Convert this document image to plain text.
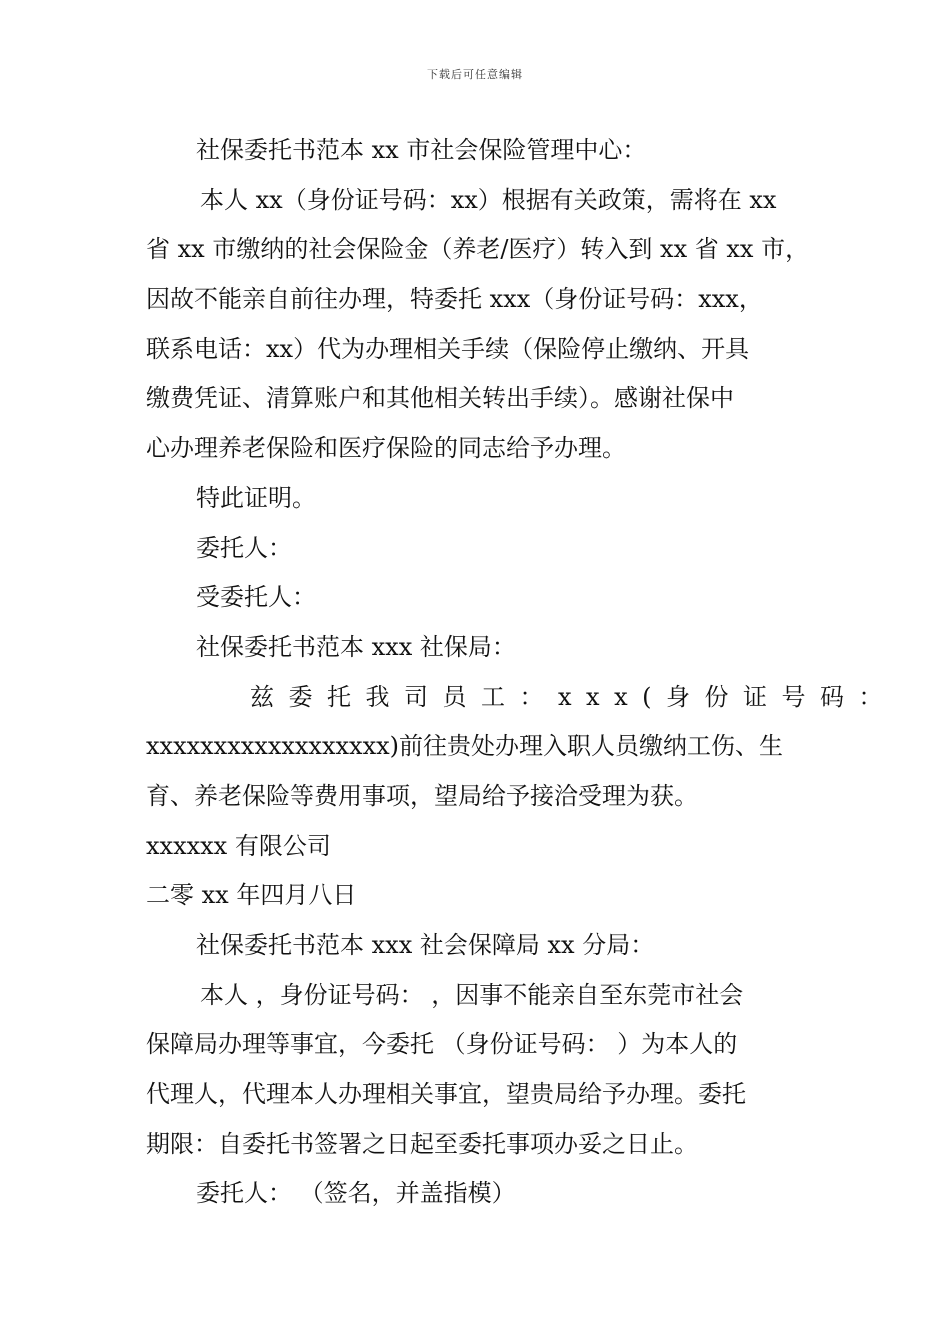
下载后可任意编辑
社保委托书范本 xx 市社会保险管理中心：
本人 xx（身份证号码：xx）根据有关政策，需将在 xx
省 xx 市缴纳的社会保险金（养老/医疗）转入到 xx 省 xx 市，
因故不能亲自前往办理，特委托 xxx（身份证号码：xxx，
联系电话：xx）代为办理相关手续（保险停止缴纳、开具
缴费凭证、清算账户和其他相关转出手续）。感谢社保中
心办理养老保险和医疗保险的同志给予办理。
特此证明。
委托人：
受委托人：
社保委托书范本 xxx 社保局：
兹委托我司员工：xxx(身份证号码：
xxxxxxxxxxxxxxxxxx)前往贵处办理入职人员缴纳工伤、生
育、养老保险等费用事项，望局给予接洽受理为获。
xxxxxx 有限公司
二零 xx 年四月八日
社保委托书范本 xxx 社会保障局 xx 分局：
本人 ，身份证号码： ，因事不能亲自至东莞市社会
保障局办理等事宜，今委托 （身份证号码： ）为本人的
代理人，代理本人办理相关事宜，望贵局给予办理。委托
期限：自委托书签署之日起至委托事项办妥之日止。
委托人： （签名，并盖指模）
